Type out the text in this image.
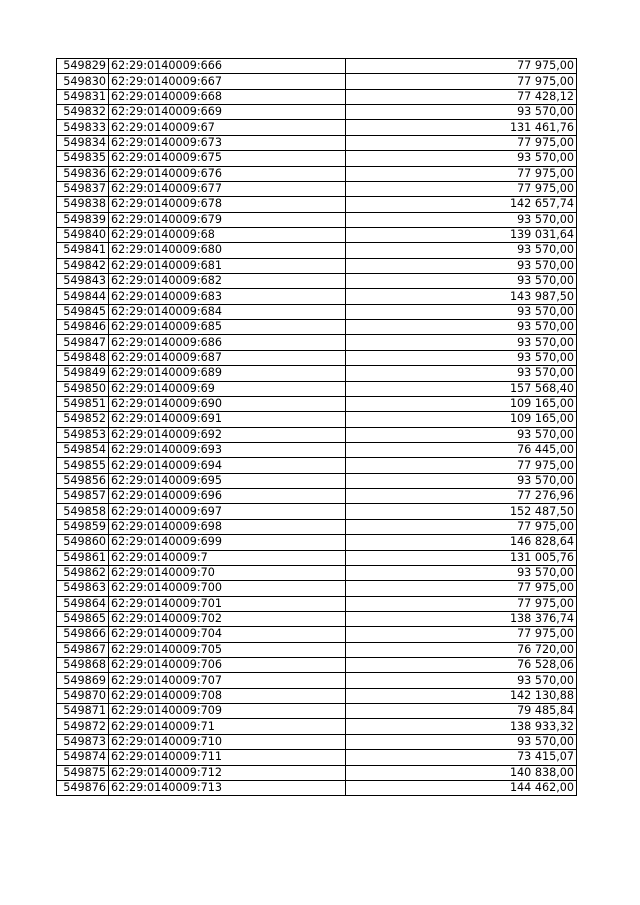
549829	62:29:0140009:666	77 975,00
549830	62:29:0140009:667	77 975,00
549831	62:29:0140009:668	77 428,12
549832	62:29:0140009:669	93 570,00
549833	62:29:0140009:67	131 461,76
549834	62:29:0140009:673	77 975,00
549835	62:29:0140009:675	93 570,00
549836	62:29:0140009:676	77 975,00
549837	62:29:0140009:677	77 975,00
549838	62:29:0140009:678	142 657,74
549839	62:29:0140009:679	93 570,00
549840	62:29:0140009:68	139 031,64
549841	62:29:0140009:680	93 570,00
549842	62:29:0140009:681	93 570,00
549843	62:29:0140009:682	93 570,00
549844	62:29:0140009:683	143 987,50
549845	62:29:0140009:684	93 570,00
549846	62:29:0140009:685	93 570,00
549847	62:29:0140009:686	93 570,00
549848	62:29:0140009:687	93 570,00
549849	62:29:0140009:689	93 570,00
549850	62:29:0140009:69	157 568,40
549851	62:29:0140009:690	109 165,00
549852	62:29:0140009:691	109 165,00
549853	62:29:0140009:692	93 570,00
549854	62:29:0140009:693	76 445,00
549855	62:29:0140009:694	77 975,00
549856	62:29:0140009:695	93 570,00
549857	62:29:0140009:696	77 276,96
549858	62:29:0140009:697	152 487,50
549859	62:29:0140009:698	77 975,00
549860	62:29:0140009:699	146 828,64
549861	62:29:0140009:7	131 005,76
549862	62:29:0140009:70	93 570,00
549863	62:29:0140009:700	77 975,00
549864	62:29:0140009:701	77 975,00
549865	62:29:0140009:702	138 376,74
549866	62:29:0140009:704	77 975,00
549867	62:29:0140009:705	76 720,00
549868	62:29:0140009:706	76 528,06
549869	62:29:0140009:707	93 570,00
549870	62:29:0140009:708	142 130,88
549871	62:29:0140009:709	79 485,84
549872	62:29:0140009:71	138 933,32
549873	62:29:0140009:710	93 570,00
549874	62:29:0140009:711	73 415,07
549875	62:29:0140009:712	140 838,00
549876	62:29:0140009:713	144 462,00
